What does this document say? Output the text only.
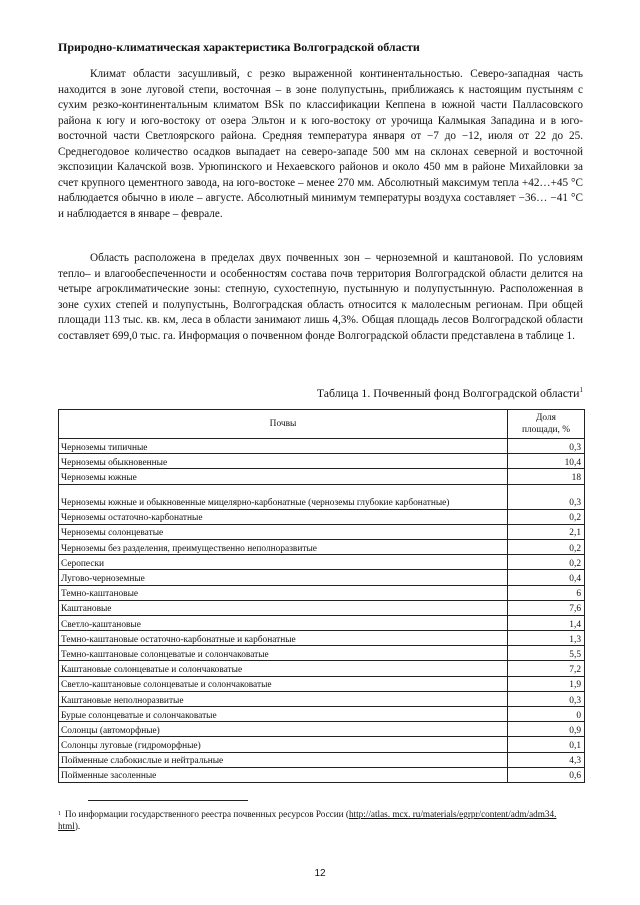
Природно-климатическая характеристика Волгоградской области
Климат области засушливый, с резко выраженной континентальностью. Северо-западная часть находится в зоне луговой степи, восточная – в зоне полупустынь, приближаясь к настоящим пустыням с сухим резко-континентальным климатом BSk по классификации Кеппена в южной части Палласовского района к югу и юго-востоку от озера Эльтон и к юго-востоку от урочища Калмыкая Западина и в юго-восточной части Светлоярского района. Средняя температура января от −7 до −12, июля от 22 до 25. Среднегодовое количество осадков выпадает на северо-западе 500 мм на склонах северной и восточной экспозиции Калачской возв. Урюпинского и Нехаевского районов и около 450 мм в районе Михайловки за счет крупного цементного завода, на юго-востоке – менее 270 мм. Абсолютный максимум тепла +42…+45 °С наблюдается обычно в июле – августе. Абсолютный минимум температуры воздуха составляет −36… −41 °С и наблюдается в январе – феврале.
Область расположена в пределах двух почвенных зон – черноземной и каштановой. По условиям тепло– и влагообеспеченности и особенностям состава почв территория Волгоградской области делится на четыре агроклиматические зоны: степную, сухостепную, пустынную и полупустынную. Расположенная в зоне сухих степей и полупустынь, Волгоградская область относится к малолесным регионам. При общей площади 113 тыс. кв. км, леса в области занимают лишь 4,3%. Общая площадь лесов Волгоградской области составляет 699,0 тыс. га. Информация о почвенном фонде Волгоградской области представлена в таблице 1.
Таблица 1. Почвенный фонд Волгоградской области$^1$
Почвы	Доля
площади, %
Черноземы типичные	0,3
Черноземы обыкновенные	10,4
Черноземы южные	18
Черноземы южные и обыкновенные мицелярно-карбонатные (черноземы глубокие карбонатные)	0,3
Черноземы остаточно-карбонатные	0,2
Черноземы солонцеватые	2,1
Черноземы без разделения, преимущественно неполноразвитые	0,2
Серопески	0,2
Лугово-черноземные	0,4
Темно-каштановые	6
Каштановые	7,6
Светло-каштановые	1,4
Темно-каштановые остаточно-карбонатные и карбонатные	1,3
Темно-каштановые солонцеватые и солончаковатые	5,5
Каштановые солонцеватые и солончаковатые	7,2
Светло-каштановые солонцеватые и солончаковатые	1,9
Каштановые неполноразвитые	0,3
Бурые солонцеватые и солончаковатые	0
Солонцы (автоморфные)	0,9
Солонцы луговые (гидроморфные)	0,1
Пойменные слабокислые и нейтральные	4,3
Пойменные засоленные	0,6
$^1$ По информации государственного реестра почвенных ресурсов России (http://atlas. mcx. ru/materials/egrpr/content/adm/adm34. html).
12
